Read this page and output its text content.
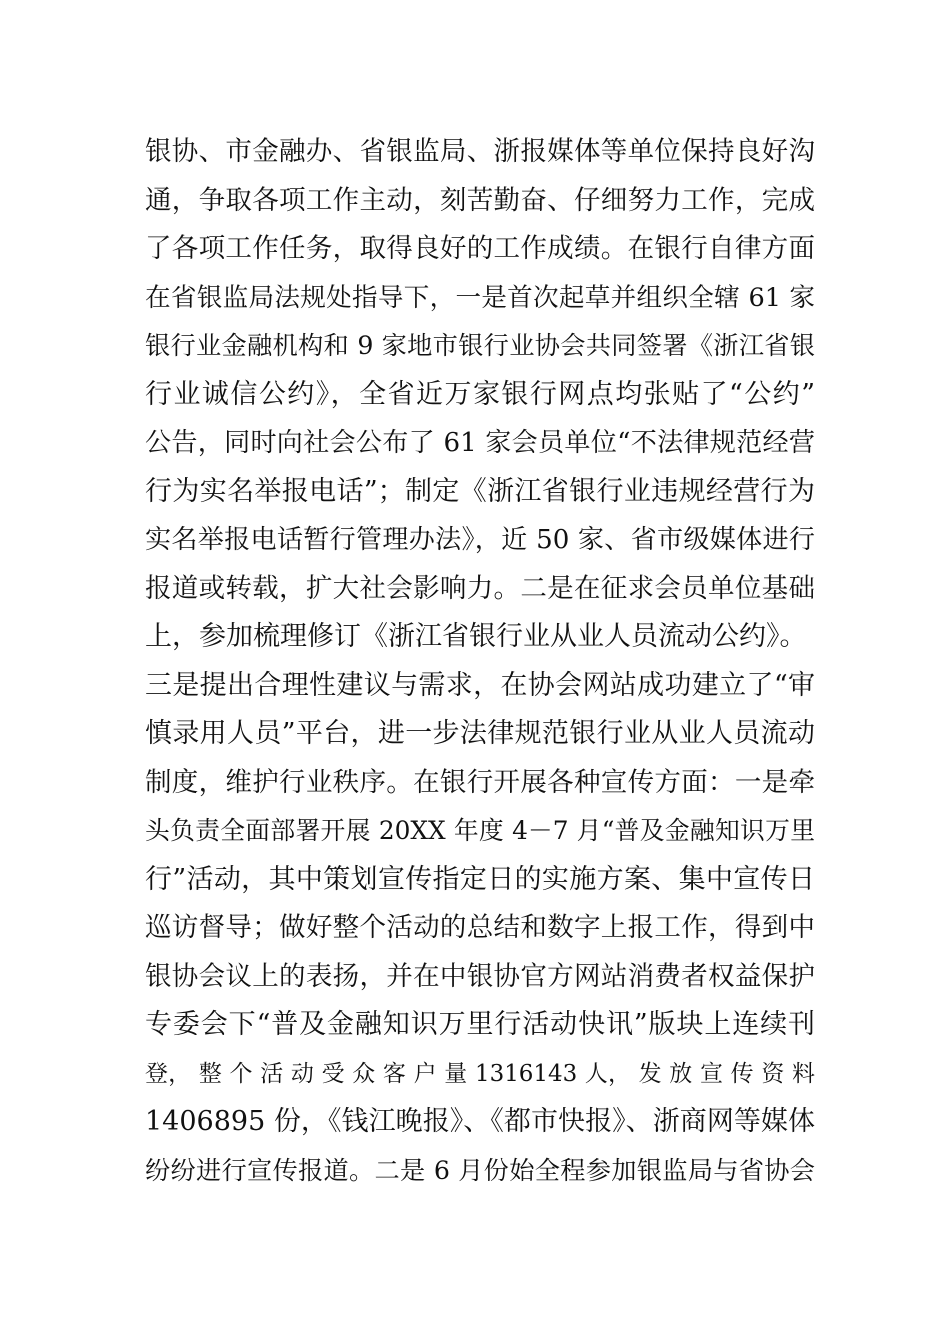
银协、市金融办、省银监局、浙报媒体等单位保持良好沟
通，争取各项工作主动，刻苦勤奋、仔细努力工作，完成
了各项工作任务，取得良好的工作成绩。在银行自律方面
在省银监局法规处指导下，一是首次起草并组织全辖 61 家
银行业金融机构和 9 家地市银行业协会共同签署《浙江省银
行业诚信公约》，全省近万家银行网点均张贴了“公约”
公告，同时向社会公布了 61 家会员单位“不法律规范经营
行为实名举报电话”；制定《浙江省银行业违规经营行为
实名举报电话暂行管理办法》，近 50 家、省市级媒体进行
报道或转载，扩大社会影响力。二是在征求会员单位基础
上，参加梳理修订《浙江省银行业从业人员流动公约》。
三是提出合理性建议与需求，在协会网站成功建立了“审
慎录用人员”平台，进一步法律规范银行业从业人员流动
制度，维护行业秩序。在银行开展各种宣传方面：一是牵
头负责全面部署开展 20XX 年度 4－7 月“普及金融知识万里
行”活动，其中策划宣传指定日的实施方案、集中宣传日
巡访督导；做好整个活动的总结和数字上报工作，得到中
银协会议上的表扬，并在中银协官方网站消费者权益保护
专委会下“普及金融知识万里行活动快讯”版块上连续刊
登， 整 个 活 动 受 众 客 户 量 1316143 人， 发 放 宣 传 资 料
1406895 份，《钱江晚报》、《都市快报》、浙商网等媒体
纷纷进行宣传报道。二是 6 月份始全程参加银监局与省协会
